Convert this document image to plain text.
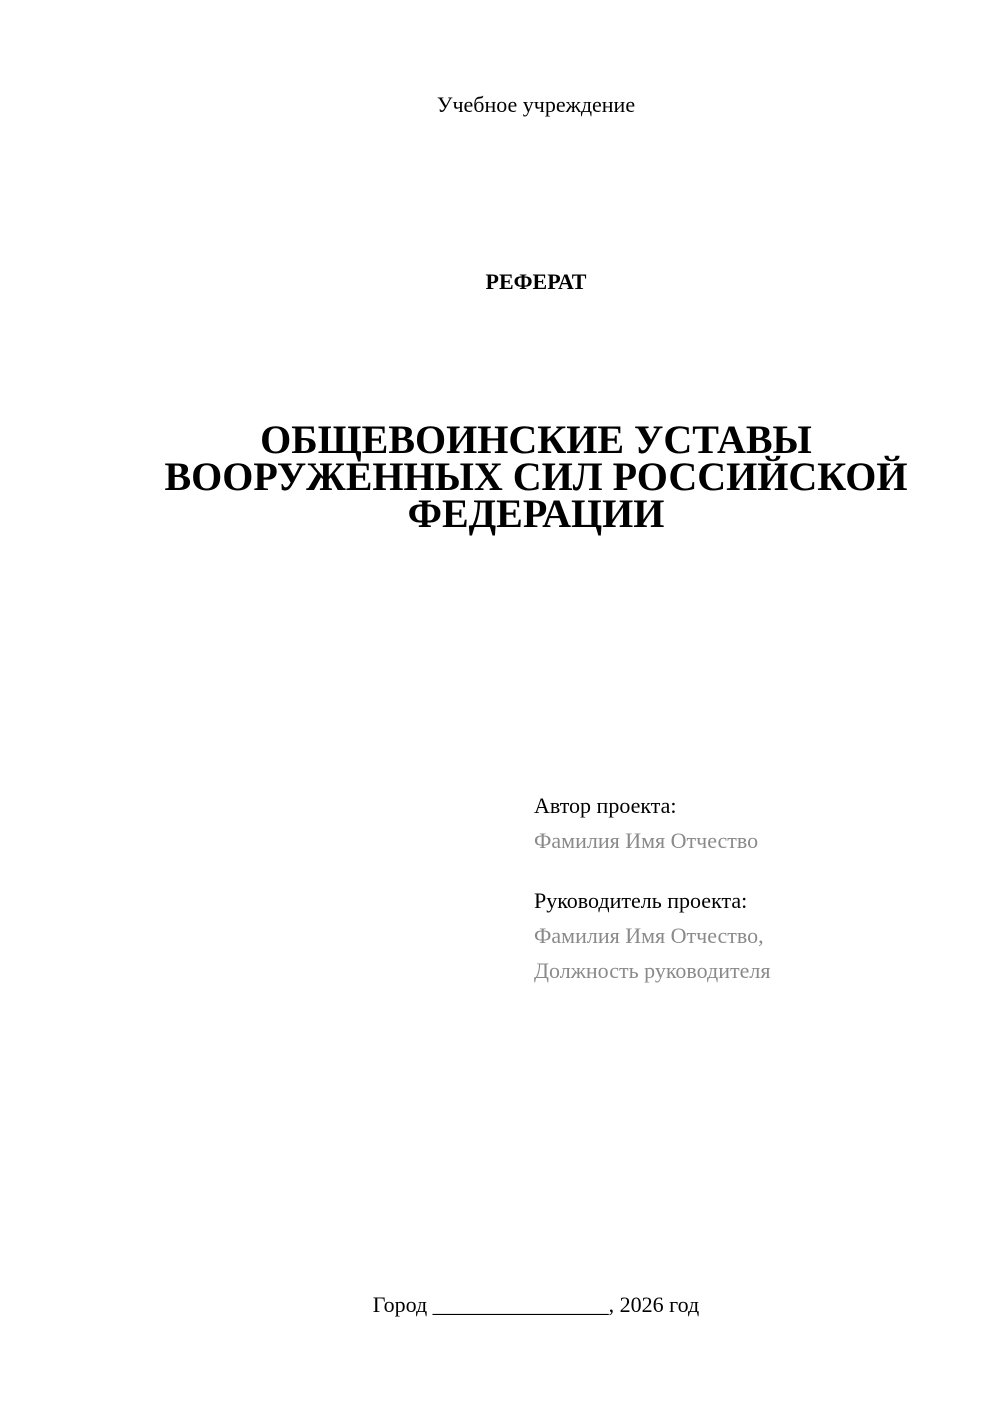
Учебное учреждение
РЕФЕРАТ
ОБЩЕВОИНСКИЕ УСТАВЫ
ВООРУЖЕННЫХ СИЛ РОССИЙСКОЙ
ФЕДЕРАЦИИ
Автор проекта:
Фамилия Имя Отчество
Руководитель проекта:
Фамилия Имя Отчество,
Должность руководителя
Город ________________, 2026 год
